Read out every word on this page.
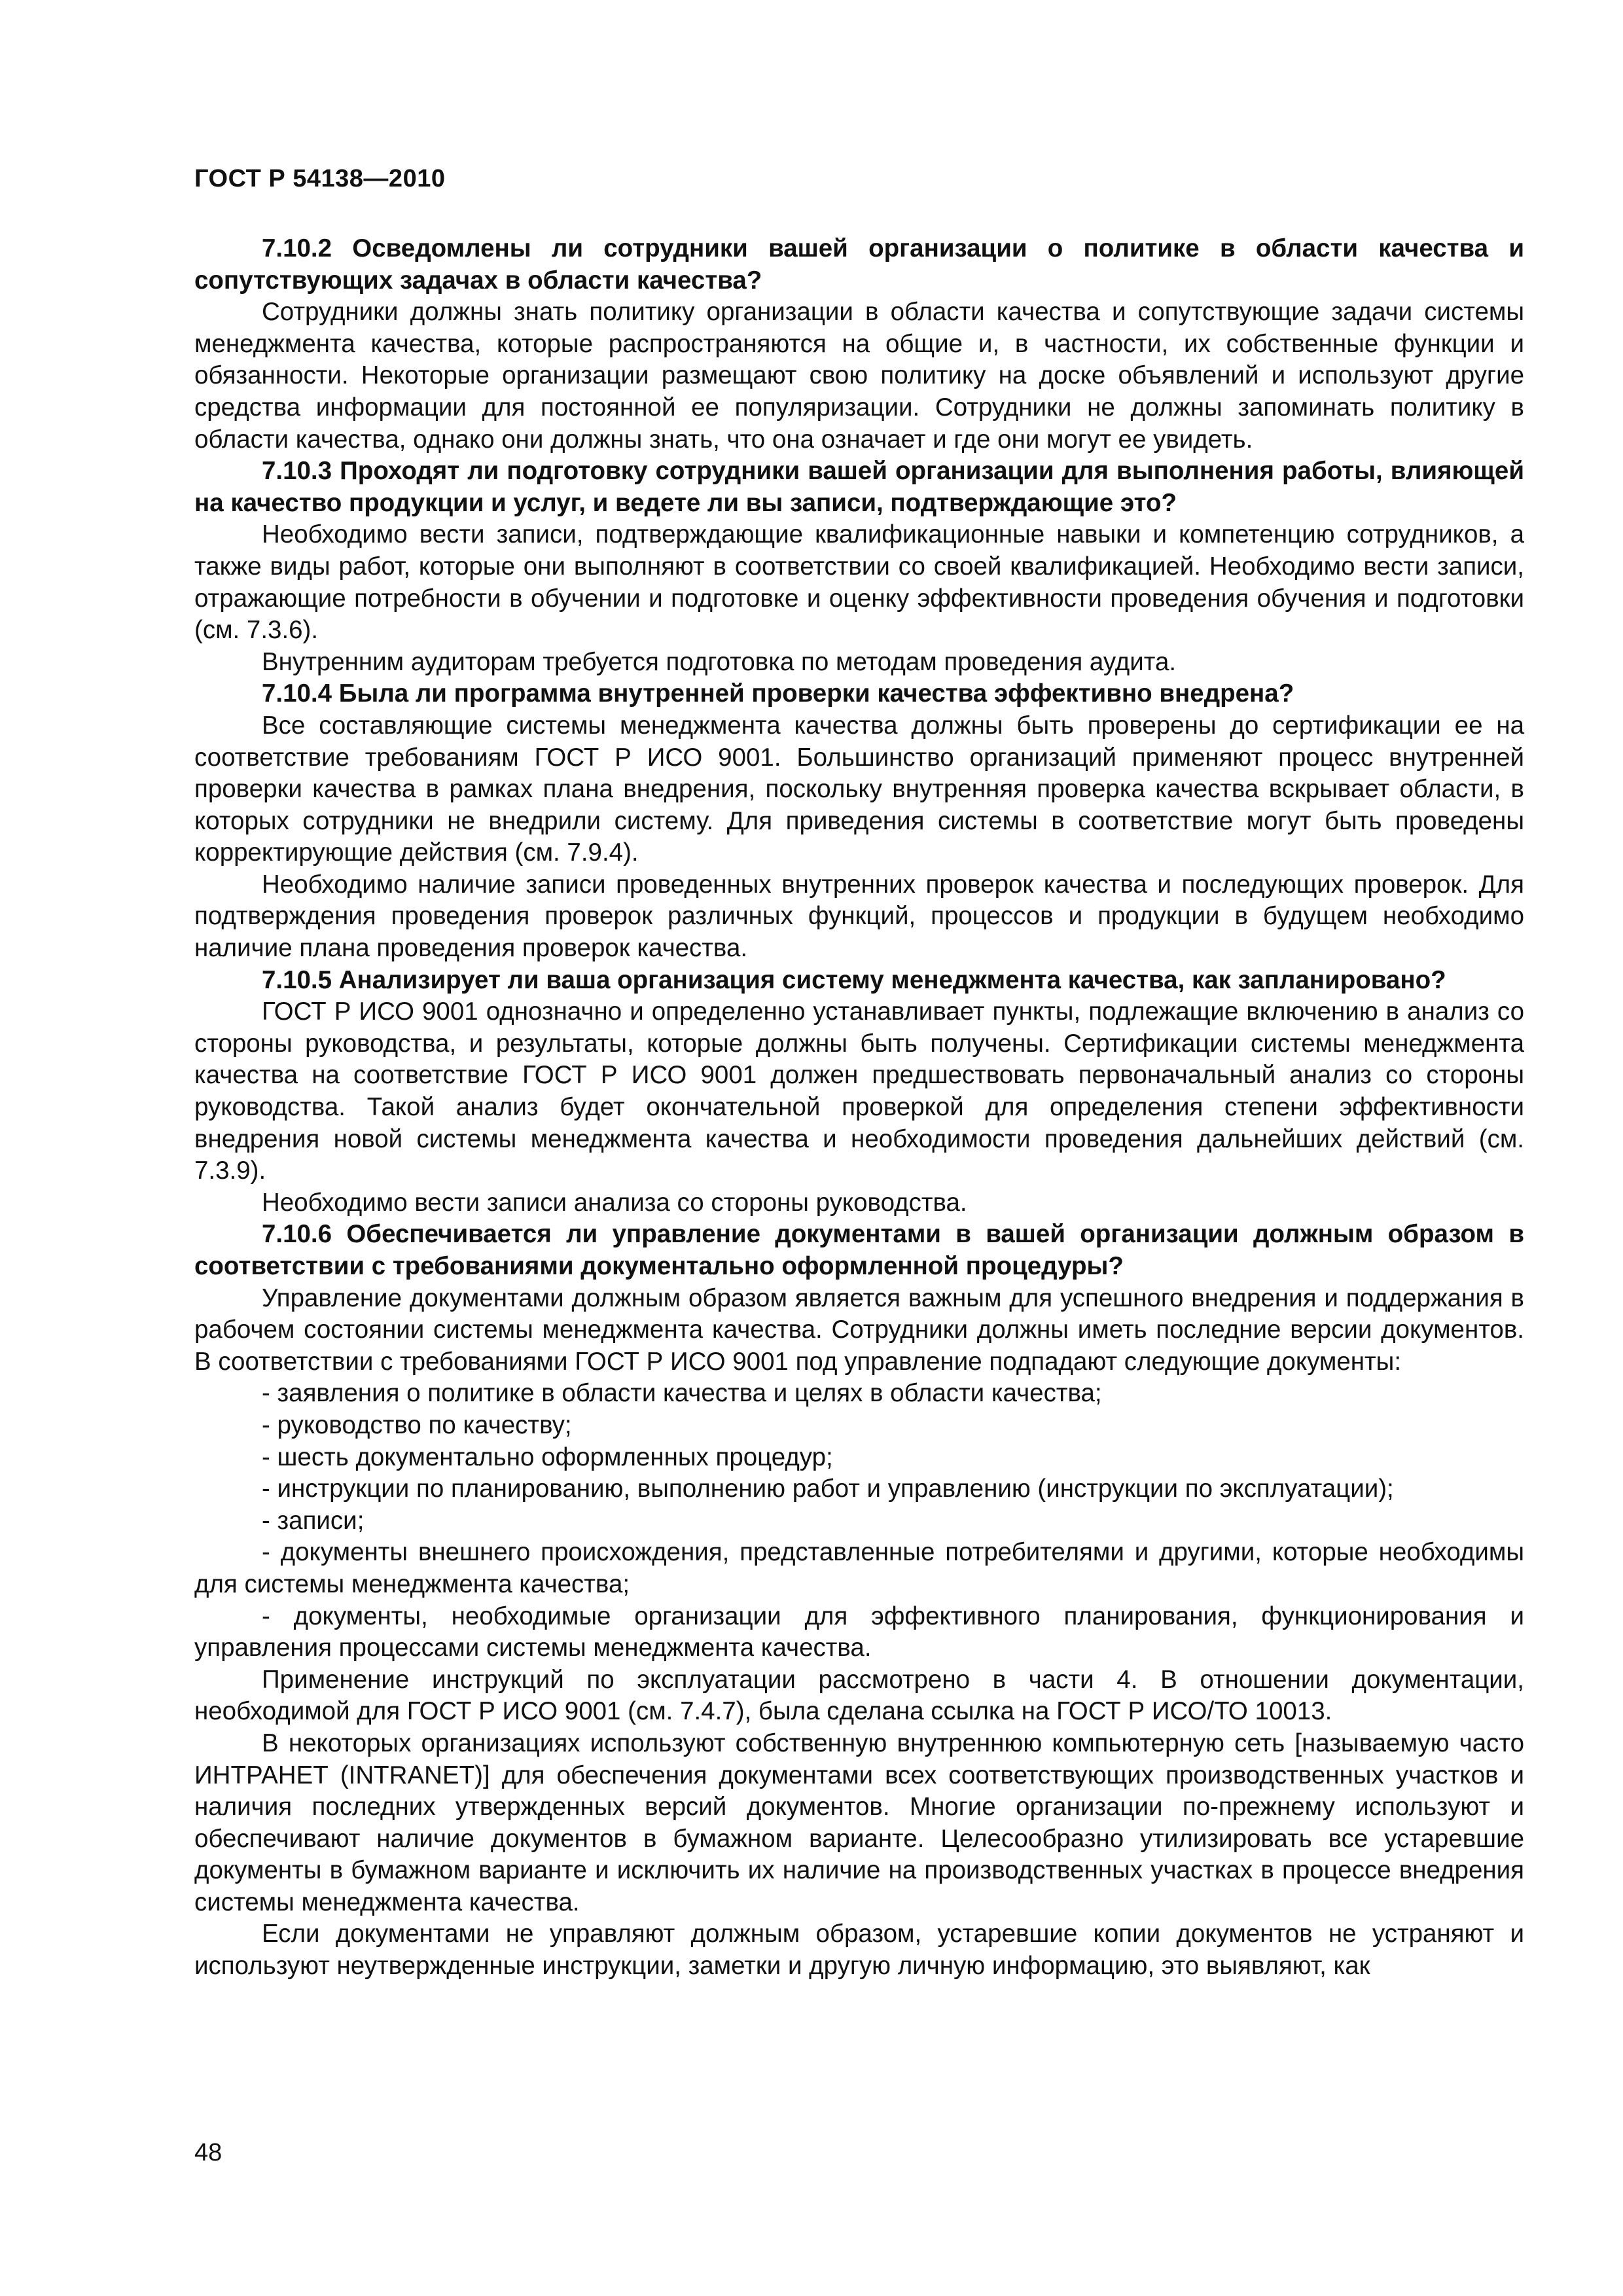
ГОСТ Р 54138—2010

7.10.2 Осведомлены ли сотрудники вашей организации о политике в области качества и сопутствующих задачах в области качества?

Сотрудники должны знать политику организации в области качества и сопутствующие задачи системы менеджмента качества, которые распространяются на общие и, в частности, их собственные функции и обязанности. Некоторые организации размещают свою политику на доске объявлений и используют другие средства информации для постоянной ее популяризации. Сотрудники не должны запоминать политику в области качества, однако они должны знать, что она означает и где они могут ее увидеть.

7.10.3 Проходят ли подготовку сотрудники вашей организации для выполнения работы, влияющей на качество продукции и услуг, и ведете ли вы записи, подтверждающие это?

Необходимо вести записи, подтверждающие квалификационные навыки и компетенцию сотрудников, а также виды работ, которые они выполняют в соответствии со своей квалификацией. Необходимо вести записи, отражающие потребности в обучении и подготовке и оценку эффективности проведения обучения и подготовки (см. 7.3.6).

Внутренним аудиторам требуется подготовка по методам проведения аудита.

7.10.4 Была ли программа внутренней проверки качества эффективно внедрена?

Все составляющие системы менеджмента качества должны быть проверены до сертификации ее на соответствие требованиям ГОСТ Р ИСО 9001. Большинство организаций применяют процесс внутренней проверки качества в рамках плана внедрения, поскольку внутренняя проверка качества вскрывает области, в которых сотрудники не внедрили систему. Для приведения системы в соответствие могут быть проведены корректирующие действия (см. 7.9.4).

Необходимо наличие записи проведенных внутренних проверок качества и последующих проверок. Для подтверждения проведения проверок различных функций, процессов и продукции в будущем необходимо наличие плана проведения проверок качества.

7.10.5 Анализирует ли ваша организация систему менеджмента качества, как запланировано?

ГОСТ Р ИСО 9001 однозначно и определенно устанавливает пункты, подлежащие включению в анализ со стороны руководства, и результаты, которые должны быть получены. Сертификации системы менеджмента качества на соответствие ГОСТ Р ИСО 9001 должен предшествовать первоначальный анализ со стороны руководства. Такой анализ будет окончательной проверкой для определения степени эффективности внедрения новой системы менеджмента качества и необходимости проведения дальнейших действий (см. 7.3.9).

Необходимо вести записи анализа со стороны руководства.

7.10.6 Обеспечивается ли управление документами в вашей организации должным образом в соответствии с требованиями документально оформленной процедуры?

Управление документами должным образом является важным для успешного внедрения и поддержания в рабочем состоянии системы менеджмента качества. Сотрудники должны иметь последние версии документов. В соответствии с требованиями ГОСТ Р ИСО 9001 под управление подпадают следующие документы:

- заявления о политике в области качества и целях в области качества;

- руководство по качеству;

- шесть документально оформленных процедур;

- инструкции по планированию, выполнению работ и управлению (инструкции по эксплуатации);

- записи;

- документы внешнего происхождения, представленные потребителями и другими, которые необходимы для системы менеджмента качества;

- документы, необходимые организации для эффективного планирования, функционирования и управления процессами системы менеджмента качества.

Применение инструкций по эксплуатации рассмотрено в части 4. В отношении документации, необходимой для ГОСТ Р ИСО 9001 (см. 7.4.7), была сделана ссылка на ГОСТ Р ИСО/ТО 10013.

В некоторых организациях используют собственную внутреннюю компьютерную сеть [называемую часто ИНТРАНЕТ (INTRANET)] для обеспечения документами всех соответствующих производственных участков и наличия последних утвержденных версий документов. Многие организации по-прежнему используют и обеспечивают наличие документов в бумажном варианте. Целесообразно утилизировать все устаревшие документы в бумажном варианте и исключить их наличие на производственных участках в процессе внедрения системы менеджмента качества.

Если документами не управляют должным образом, устаревшие копии документов не устраняют и используют неутвержденные инструкции, заметки и другую личную информацию, это выявляют, как

48
